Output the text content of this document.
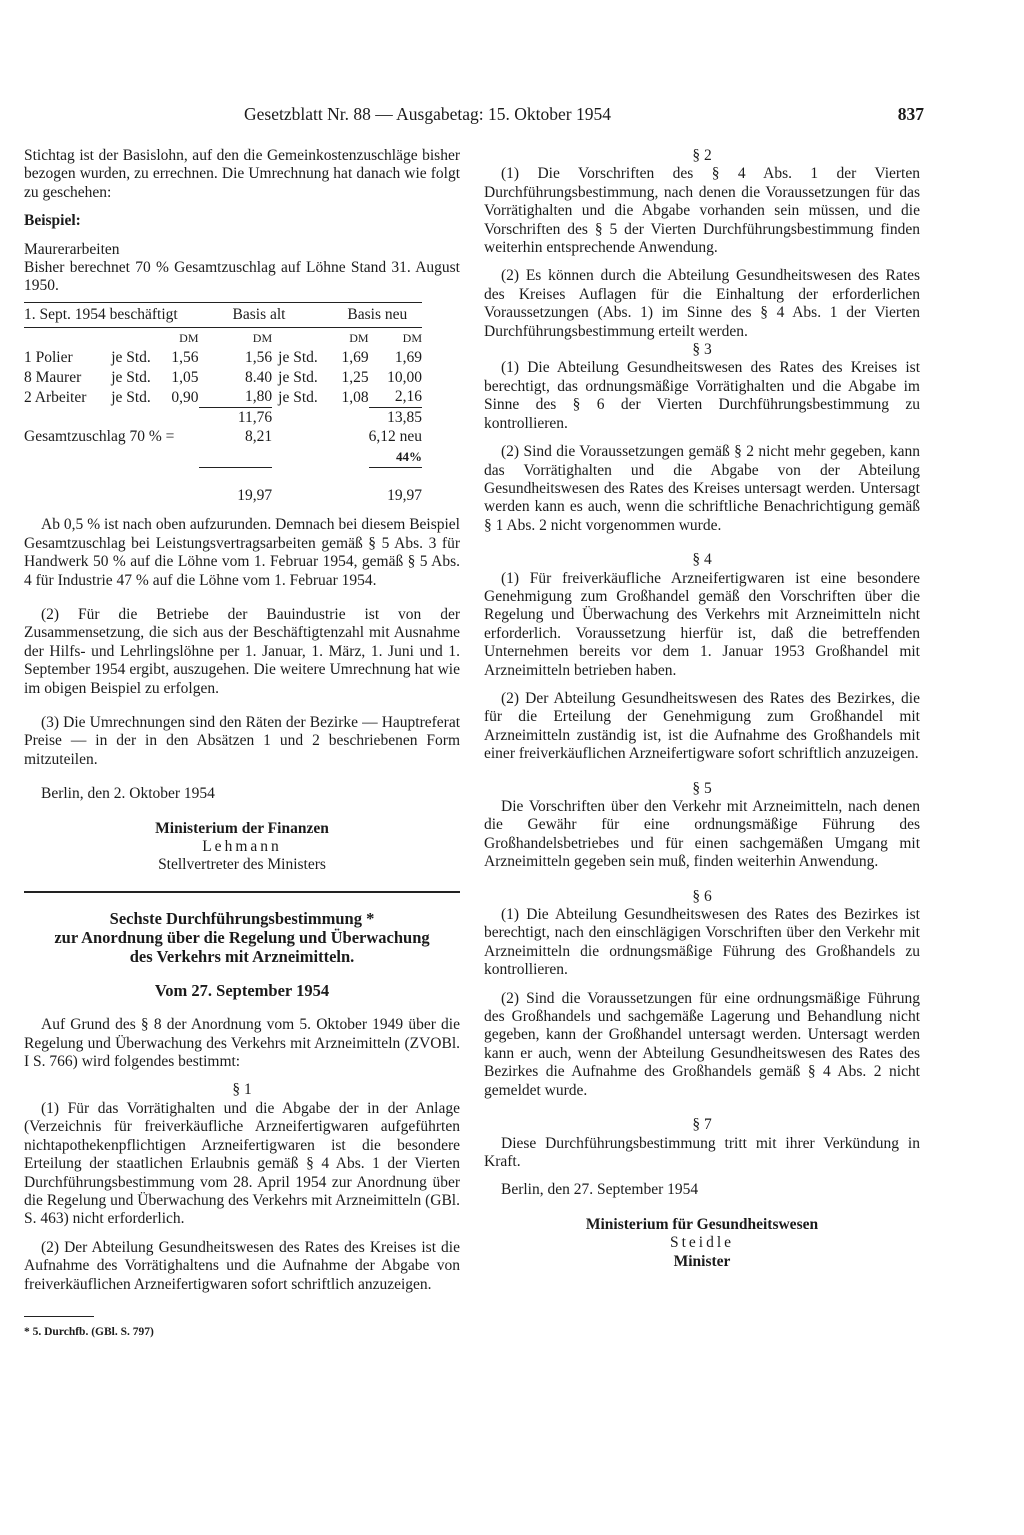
Gesetzblatt Nr. 88 — Ausgabetag: 15. Oktober 1954	837

Stichtag ist der Basislohn, auf den die Gemeinkostenzuschläge bisher bezogen wurden, zu errechnen. Die Umrechnung hat danach wie folgt zu geschehen:

Beispiel:

Maurerarbeiten

Bisher berechnet 70 % Gesamtzuschlag auf Löhne Stand 31. August 1950.

1. Sept. 1954 beschäftigt			Basis alt		Basis neu	
		DM	DM		DM	DM
1 Polier	je Std.	1,56	1,56	je Std.	1,69	1,69
8 Maurer	je Std.	1,05	8.40	je Std.	1,25	10,00
2 Arbeiter	je Std.	0,90	1,80	je Std.	1,08	2,16
			11,76			13,85
Gesamtzuschlag 70 % =			8,21			6,12 neu
						44%

			19,97			19,97

Ab 0,5 % ist nach oben aufzurunden. Demnach bei diesem Beispiel Gesamtzuschlag bei Leistungsvertragsarbeiten gemäß § 5 Abs. 3 für Handwerk 50 % auf die Löhne vom 1. Februar 1954, gemäß § 5 Abs. 4 für Industrie 47 % auf die Löhne vom 1. Februar 1954.

(2) Für die Betriebe der Bauindustrie ist von der Zusammensetzung, die sich aus der Beschäftigtenzahl mit Ausnahme der Hilfs- und Lehrlingslöhne per 1. Januar, 1. März, 1. Juni und 1. September 1954 ergibt, auszugehen. Die weitere Umrechnung hat wie im obigen Beispiel zu erfolgen.

(3) Die Umrechnungen sind den Räten der Bezirke — Hauptreferat Preise — in der in den Absätzen 1 und 2 beschriebenen Form mitzuteilen.

Berlin, den 2. Oktober 1954

Ministerium der Finanzen

Lehmann

Stellvertreter des Ministers

Sechste Durchführungsbestimmung *
zur Anordnung über die Regelung und Überwachung des Verkehrs mit Arzneimitteln.

Vom 27. September 1954

Auf Grund des § 8 der Anordnung vom 5. Oktober 1949 über die Regelung und Überwachung des Verkehrs mit Arzneimitteln (ZVOBl. I S. 766) wird folgendes bestimmt:

§ 1

(1) Für das Vorrätighalten und die Abgabe der in der Anlage (Verzeichnis für freiverkäufliche Arzneifertigwaren aufgeführten nichtapothekenpflichtigen Arzneifertigwaren ist die besondere Erteilung der staatlichen Erlaubnis gemäß § 4 Abs. 1 der Vierten Durchführungsbestimmung vom 28. April 1954 zur Anordnung über die Regelung und Überwachung des Verkehrs mit Arzneimitteln (GBl. S. 463) nicht erforderlich.

(2) Der Abteilung Gesundheitswesen des Rates des Kreises ist die Aufnahme des Vorrätighaltens und die Aufnahme der Abgabe von freiverkäuflichen Arzneifertigwaren sofort schriftlich anzuzeigen.

* 5. Durchfb. (GBl. S. 797)

§ 2

(1) Die Vorschriften des § 4 Abs. 1 der Vierten Durchführungsbestimmung, nach denen die Voraussetzungen für das Vorrätighalten und die Abgabe vorhanden sein müssen, und die Vorschriften des § 5 der Vierten Durchführungsbestimmung finden weiterhin entsprechende Anwendung.

(2) Es können durch die Abteilung Gesundheitswesen des Rates des Kreises Auflagen für die Einhaltung der erforderlichen Voraussetzungen (Abs. 1) im Sinne des § 4 Abs. 1 der Vierten Durchführungsbestimmung erteilt werden.

§ 3

(1) Die Abteilung Gesundheitswesen des Rates des Kreises ist berechtigt, das ordnungsmäßige Vorrätighalten und die Abgabe im Sinne des § 6 der Vierten Durchführungsbestimmung zu kontrollieren.

(2) Sind die Voraussetzungen gemäß § 2 nicht mehr gegeben, kann das Vorrätighalten und die Abgabe von der Abteilung Gesundheitswesen des Rates des Kreises untersagt werden. Untersagt werden kann es auch, wenn die schriftliche Benachrichtigung gemäß § 1 Abs. 2 nicht vorgenommen wurde.

§ 4

(1) Für freiverkäufliche Arzneifertigwaren ist eine besondere Genehmigung zum Großhandel gemäß den Vorschriften über die Regelung und Überwachung des Verkehrs mit Arzneimitteln nicht erforderlich. Voraussetzung hierfür ist, daß die betreffenden Unternehmen bereits vor dem 1. Januar 1953 Großhandel mit Arzneimitteln betrieben haben.

(2) Der Abteilung Gesundheitswesen des Rates des Bezirkes, die für die Erteilung der Genehmigung zum Großhandel mit Arzneimitteln zuständig ist, ist die Aufnahme des Großhandels mit einer freiverkäuflichen Arzneifertigware sofort schriftlich anzuzeigen.

§ 5

Die Vorschriften über den Verkehr mit Arzneimitteln, nach denen die Gewähr für eine ordnungsmäßige Führung des Großhandelsbetriebes und für einen sachgemäßen Umgang mit Arzneimitteln gegeben sein muß, finden weiterhin Anwendung.

§ 6

(1) Die Abteilung Gesundheitswesen des Rates des Bezirkes ist berechtigt, nach den einschlägigen Vorschriften über den Verkehr mit Arzneimitteln die ordnungsmäßige Führung des Großhandels zu kontrollieren.

(2) Sind die Voraussetzungen für eine ordnungsmäßige Führung des Großhandels und sachgemäße Lagerung und Behandlung nicht gegeben, kann der Großhandel untersagt werden. Untersagt werden kann er auch, wenn der Abteilung Gesundheitswesen des Rates des Bezirkes die Aufnahme des Großhandels gemäß § 4 Abs. 2 nicht gemeldet wurde.

§ 7

Diese Durchführungsbestimmung tritt mit ihrer Verkündung in Kraft.

Berlin, den 27. September 1954

Ministerium für Gesundheitswesen

Steidle

Minister
